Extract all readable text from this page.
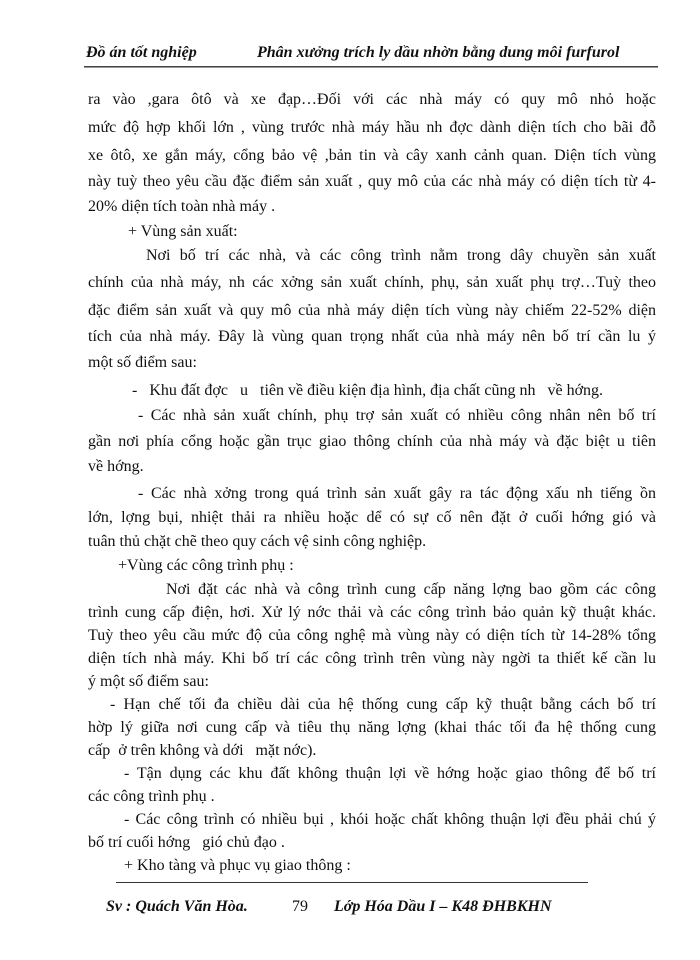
Đồ án tốt nghiệp	Phân xưởng trích ly dầu nhờn bằng dung môi furfurol
ra vào ,gara ôtô và xe đạp…Đối với các nhà máy có quy mô nhỏ hoặc
mức độ hợp khối lớn , vùng trước nhà máy hầu nh đợc dành diện tích cho bãi đỗ
xe ôtô, xe gắn máy, cổng bảo vệ ,bản tin và cây xanh cảnh quan. Diện tích vùng
này tuỳ theo yêu cầu đặc điểm sản xuất , quy mô của các nhà máy có diện tích từ 4-
20% diện tích toàn nhà máy .
+ Vùng sản xuất:
Nơi bố trí các nhà, và các công trình nằm trong dây chuyền sản xuất
chính của nhà máy, nh các xởng sản xuất chính, phụ, sản xuất phụ trợ…Tuỳ theo
đặc điểm sản xuất và quy mô của nhà máy diện tích vùng này chiếm 22-52% diện
tích của nhà máy. Đây là vùng quan trọng nhất của nhà máy nên bố trí cần lu ý
một số điểm sau:
-   Khu đất đợc   u   tiên về điều kiện địa hình, địa chất cũng nh   về hớng.
- Các nhà sản xuất chính, phụ trợ sản xuất có nhiều công nhân nên bố trí
gần nơi phía cổng hoặc gần trục giao thông chính của nhà máy và đặc biệt u tiên
về hớng.
- Các nhà xởng trong quá trình sản xuất gây ra tác động xấu nh tiếng ồn
lớn, lợng bụi, nhiệt thải ra nhiều hoặc dể có sự cố nên đặt ở cuối hớng gió và
tuân thủ chặt chẽ theo quy cách vệ sinh công nghiệp.
+Vùng các công trình phụ :
Nơi đặt các nhà và công trình cung cấp năng lợng bao gồm các công
trình cung cấp điện, hơi. Xử lý nớc thải và các công trình bảo quản kỹ thuật khác.
Tuỳ theo yêu cầu mức độ của công nghệ mà vùng này có diện tích từ 14-28% tổng
diện tích nhà máy. Khi bố trí các công trình trên vùng này ngời ta thiết kế cần lu
ý một số điểm sau:
- Hạn chế tối đa chiều dài của hệ thống cung cấp kỹ thuật bằng cách bố trí
hờp lý giữa nơi cung cấp và tiêu thụ năng lợng (khai thác tối đa hệ thống cung
cấp  ở trên không và dới   mặt nớc).
- Tận dụng các khu đất không thuận lợi về hớng hoặc giao thông để bố trí
các công trình phụ .
- Các công trình có nhiều bụi , khói hoặc chất không thuận lợi đều phải chú ý
bố trí cuối hớng   gió chủ đạo .
+ Kho tàng và phục vụ giao thông :
Sv : Quách Văn Hòa.	79 Lớp Hóa Dầu I – K48 ĐHBKHN
